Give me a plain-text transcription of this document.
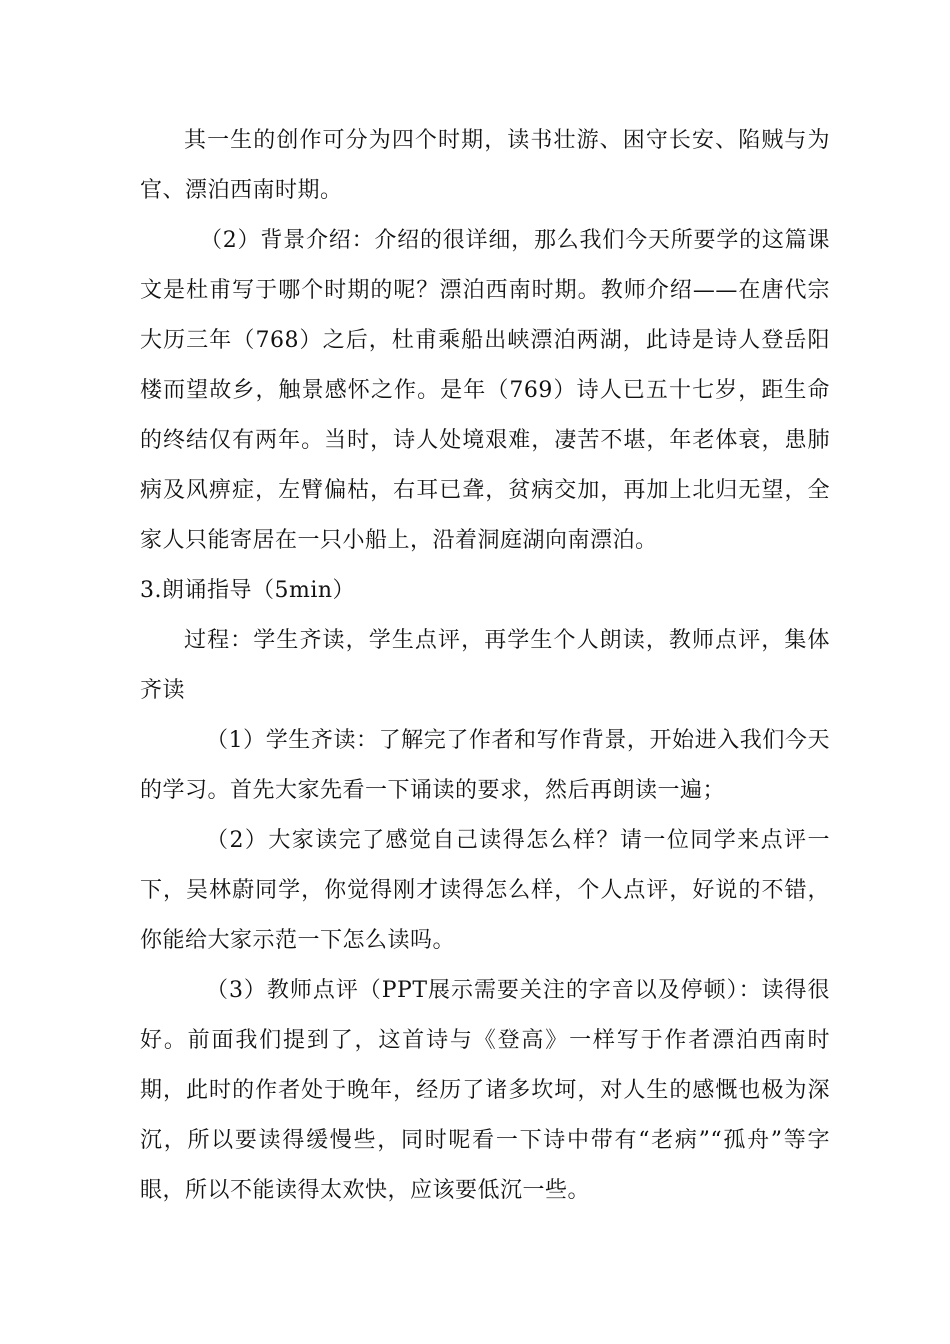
其一生的创作可分为四个时期，读书壮游、困守长安、陷贼与为官、漂泊西南时期。

（2）背景介绍：介绍的很详细，那么我们今天所要学的这篇课文是杜甫写于哪个时期的呢？漂泊西南时期。教师介绍——在唐代宗大历三年（768）之后，杜甫乘船出峡漂泊两湖，此诗是诗人登岳阳楼而望故乡，触景感怀之作。是年（769）诗人已五十七岁，距生命的终结仅有两年。当时，诗人处境艰难，凄苦不堪，年老体衰，患肺病及风痹症，左臂偏枯，右耳已聋，贫病交加，再加上北归无望，全家人只能寄居在一只小船上，沿着洞庭湖向南漂泊。

3.朗诵指导（5min）

过程：学生齐读，学生点评，再学生个人朗读，教师点评，集体齐读

（1）学生齐读：了解完了作者和写作背景，开始进入我们今天的学习。首先大家先看一下诵读的要求，然后再朗读一遍；

（2）大家读完了感觉自己读得怎么样？请一位同学来点评一下，吴林蔚同学，你觉得刚才读得怎么样，个人点评，好说的不错，你能给大家示范一下怎么读吗。

（3）教师点评（PPT展示需要关注的字音以及停顿）：读得很好。前面我们提到了，这首诗与《登高》一样写于作者漂泊西南时期，此时的作者处于晚年，经历了诸多坎坷，对人生的感慨也极为深沉，所以要读得缓慢些，同时呢看一下诗中带有“老病”“孤舟”等字眼，所以不能读得太欢快，应该要低沉一些。
